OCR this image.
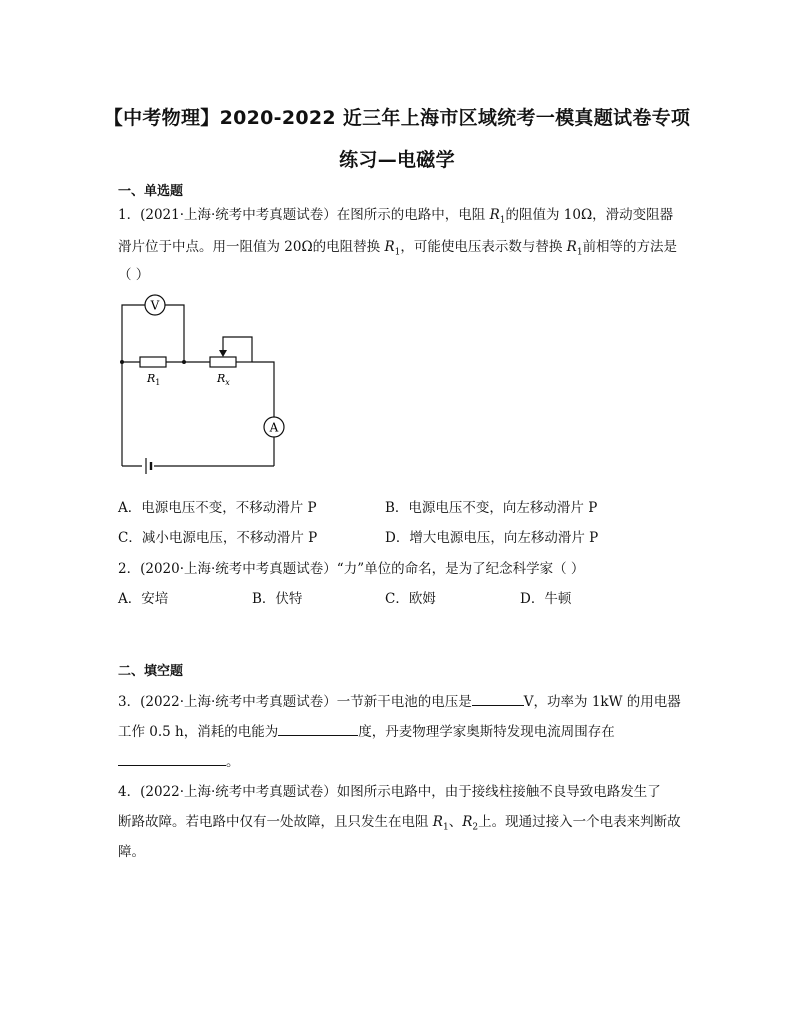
【中考物理】2020-2022 近三年上海市区域统考一模真题试卷专项
练习—电磁学
一、单选题
1．(2021·上海·统考中考真题试卷）在图所示的电路中，电阻 $R_1$的阻值为 10Ω，滑动变阻器
滑片位于中点。用一阻值为 20Ω的电阻替换 $R_1$，可能使电压表示数与替换 $R_1$前相等的方法是
（ ）
V
A
$R_1$	$R_x$
A．电源电压不变，不移动滑片 P	B．电源电压不变，向左移动滑片 P
C．减小电源电压，不移动滑片 P	D．增大电源电压，向左移动滑片 P
2．(2020·上海·统考中考真题试卷）“力”单位的命名，是为了纪念科学家（ ）
A．安培	B．伏特	C．欧姆	D．牛顿
二、填空题
3．(2022·上海·统考中考真题试卷）一节新干电池的电压是	V，功率为 1kW 的用电器
工作 0.5 h，消耗的电能为	度，丹麦物理学家奥斯特发现电流周围存在
。
4．(2022·上海·统考中考真题试卷）如图所示电路中，由于接线柱接触不良导致电路发生了
断路故障。若电路中仅有一处故障，且只发生在电阻 $R_1$、$R_2$上。现通过接入一个电表来判断故
障。
